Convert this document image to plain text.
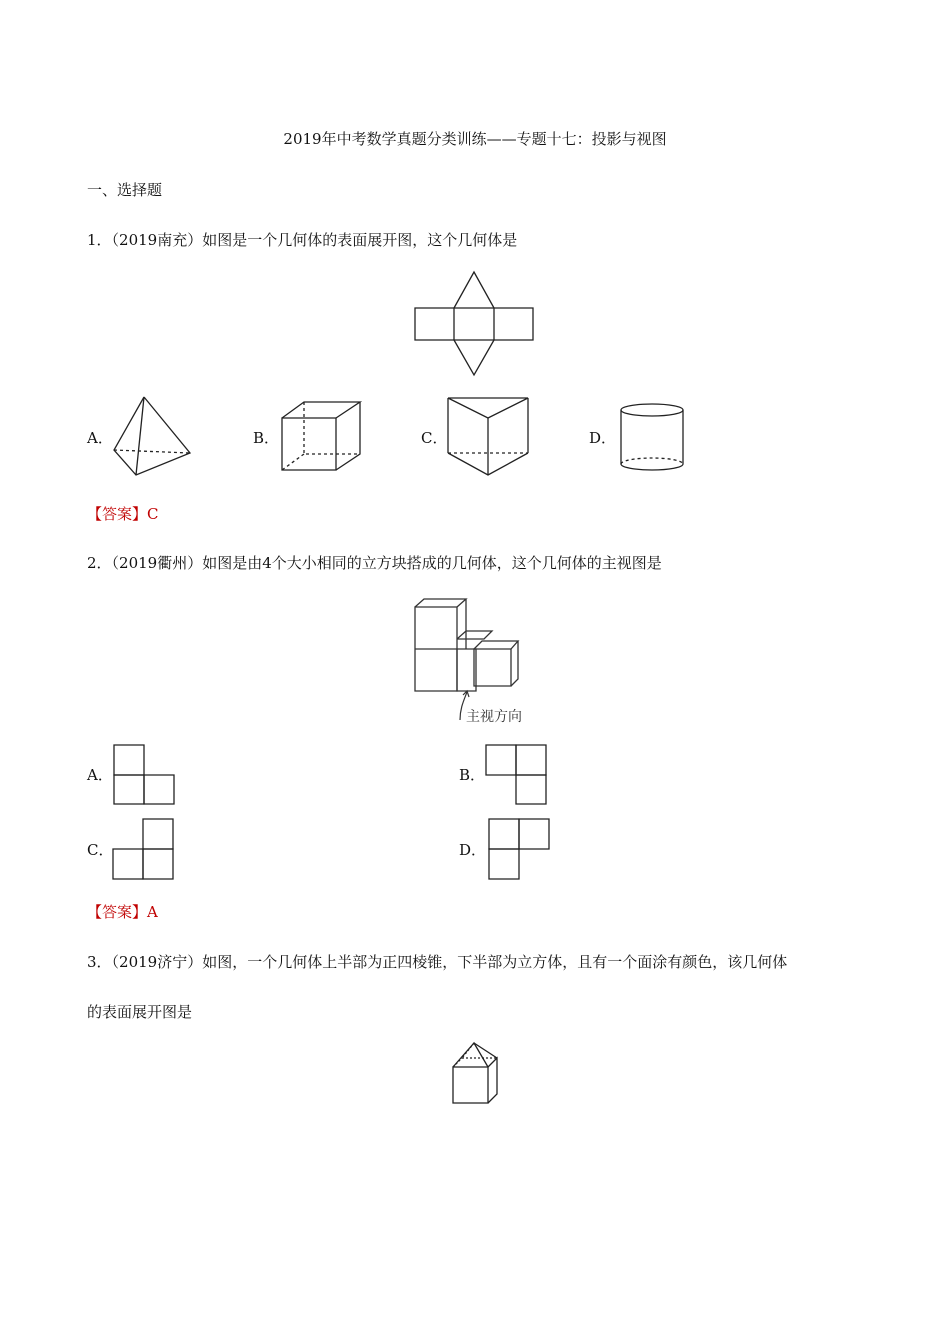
2019年中考数学真题分类训练——专题十七：投影与视图
一、选择题
1．（2019南充）如图是一个几何体的表面展开图，这个几何体是
A．	B．	C．	D．
【答案】C
2．（2019衢州）如图是由4个大小相同的立方块搭成的几何体，这个几何体的主视图是
主视方向
A．	B．
C．	D．
【答案】A
3．（2019济宁）如图，一个几何体上半部为正四棱锥，下半部为立方体，且有一个面涂有颜色，该几何体
的表面展开图是
